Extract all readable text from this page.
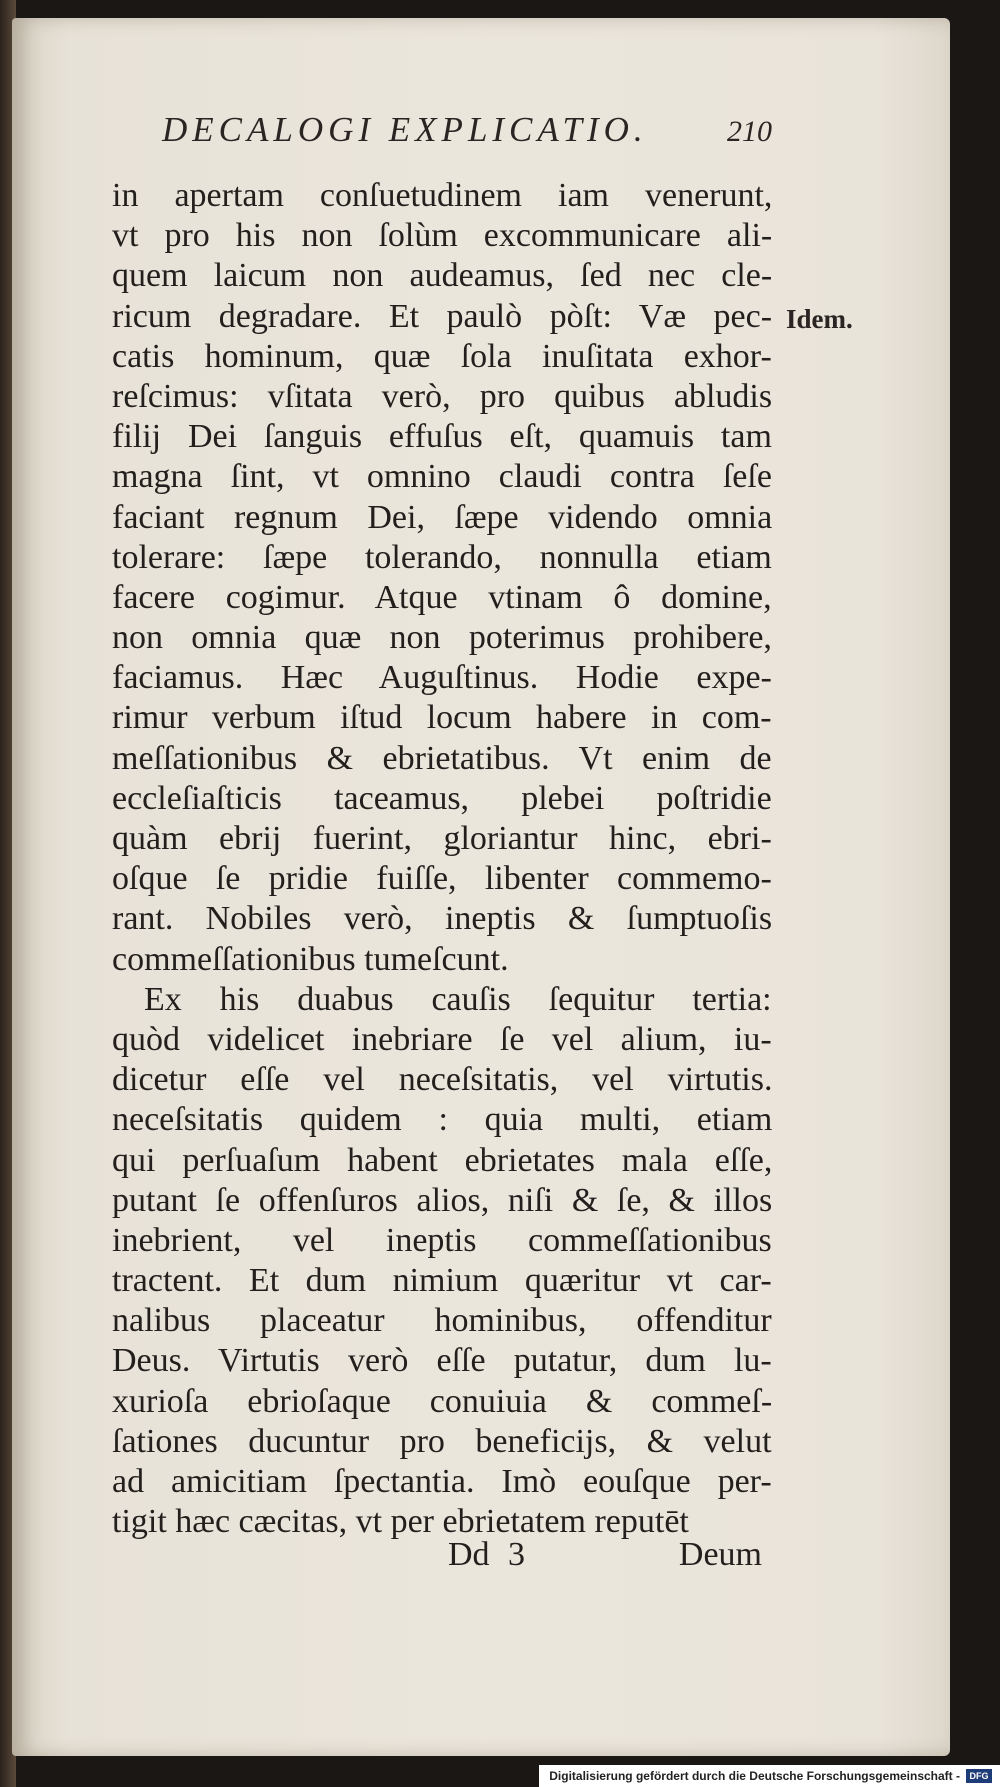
DECALOGI EXPLICATIO.	210
Idem.
in apertam conſuetudinem iam venerunt,
vt pro his non ſolùm excommunicare ali-
quem laicum non audeamus, ſed nec cle-
ricum degradare. Et paulò pòſt: Væ pec-
catis hominum, quæ ſola inuſitata exhor-
reſcimus: vſitata verò, pro quibus abludis
filij Dei ſanguis effuſus eſt, quamuis tam
magna ſint, vt omnino claudi contra ſeſe
faciant regnum Dei, ſæpe videndo omnia
tolerare: ſæpe tolerando, nonnulla etiam
facere cogimur. Atque vtinam ô domine,
non omnia quæ non poterimus prohibere,
faciamus. Hæc Auguſtinus. Hodie expe-
rimur verbum iſtud locum habere in com-
meſſationibus & ebrietatibus. Vt enim de
eccleſiaſticis taceamus, plebei poſtridie
quàm ebrij fuerint, gloriantur hinc, ebri-
oſque ſe pridie fuiſſe, libenter commemo-
rant. Nobiles verò, ineptis & ſumptuoſis
commeſſationibus tumeſcunt.
Ex his duabus cauſis ſequitur tertia:
quòd videlicet inebriare ſe vel alium, iu-
dicetur eſſe vel neceſsitatis, vel virtutis.
neceſsitatis quidem : quia multi, etiam
qui perſuaſum habent ebrietates mala eſſe,
putant ſe offenſuros alios, niſi & ſe, & illos
inebrient, vel ineptis commeſſationibus
tractent. Et dum nimium quæritur vt car-
nalibus placeatur hominibus, offenditur
Deus. Virtutis verò eſſe putatur, dum lu-
xurioſa ebrioſaque conuiuia & commeſ-
ſationes ducuntur pro beneficijs, & velut
ad amicitiam ſpectantia. Imò eouſque per-
tigit hæc cæcitas, vt per ebrietatem reputēt
Dd 3	Deum
Digitalisierung gefördert durch die Deutsche Forschungsgemeinschaft -	DFG
